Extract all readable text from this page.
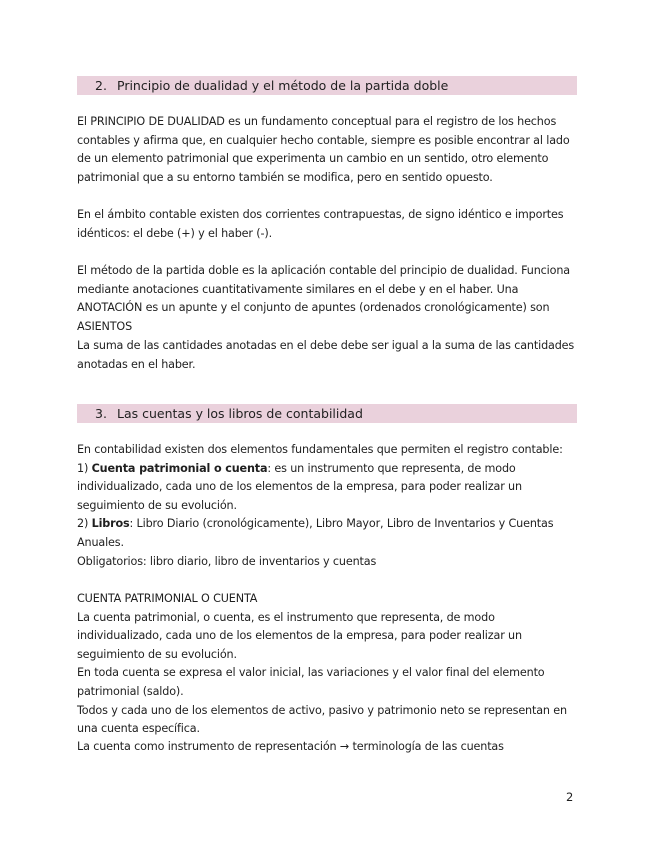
2. Principio de dualidad y el método de la partida doble

El PRINCIPIO DE DUALIDAD es un fundamento conceptual para el registro de los hechos contables y afirma que, en cualquier hecho contable, siempre es posible encontrar al lado de un elemento patrimonial que experimenta un cambio en un sentido, otro elemento patrimonial que a su entorno también se modifica, pero en sentido opuesto.

En el ámbito contable existen dos corrientes contrapuestas, de signo idéntico e importes idénticos: el debe (+) y el haber (-).

El método de la partida doble es la aplicación contable del principio de dualidad. Funciona mediante anotaciones cuantitativamente similares en el debe y en el haber. Una ANOTACIÓN es un apunte y el conjunto de apuntes (ordenados cronológicamente) son ASIENTOS

La suma de las cantidades anotadas en el debe debe ser igual a la suma de las cantidades anotadas en el haber.

3. Las cuentas y los libros de contabilidad

En contabilidad existen dos elementos fundamentales que permiten el registro contable:

1) Cuenta patrimonial o cuenta: es un instrumento que representa, de modo individualizado, cada uno de los elementos de la empresa, para poder realizar un seguimiento de su evolución.

2) Libros: Libro Diario (cronológicamente), Libro Mayor, Libro de Inventarios y Cuentas Anuales.

Obligatorios: libro diario, libro de inventarios y cuentas

CUENTA PATRIMONIAL O CUENTA

La cuenta patrimonial, o cuenta, es el instrumento que representa, de modo individualizado, cada uno de los elementos de la empresa, para poder realizar un seguimiento de su evolución.

En toda cuenta se expresa el valor inicial, las variaciones y el valor final del elemento patrimonial (saldo).

Todos y cada uno de los elementos de activo, pasivo y patrimonio neto se representan en una cuenta específica.

La cuenta como instrumento de representación → terminología de las cuentas
2
